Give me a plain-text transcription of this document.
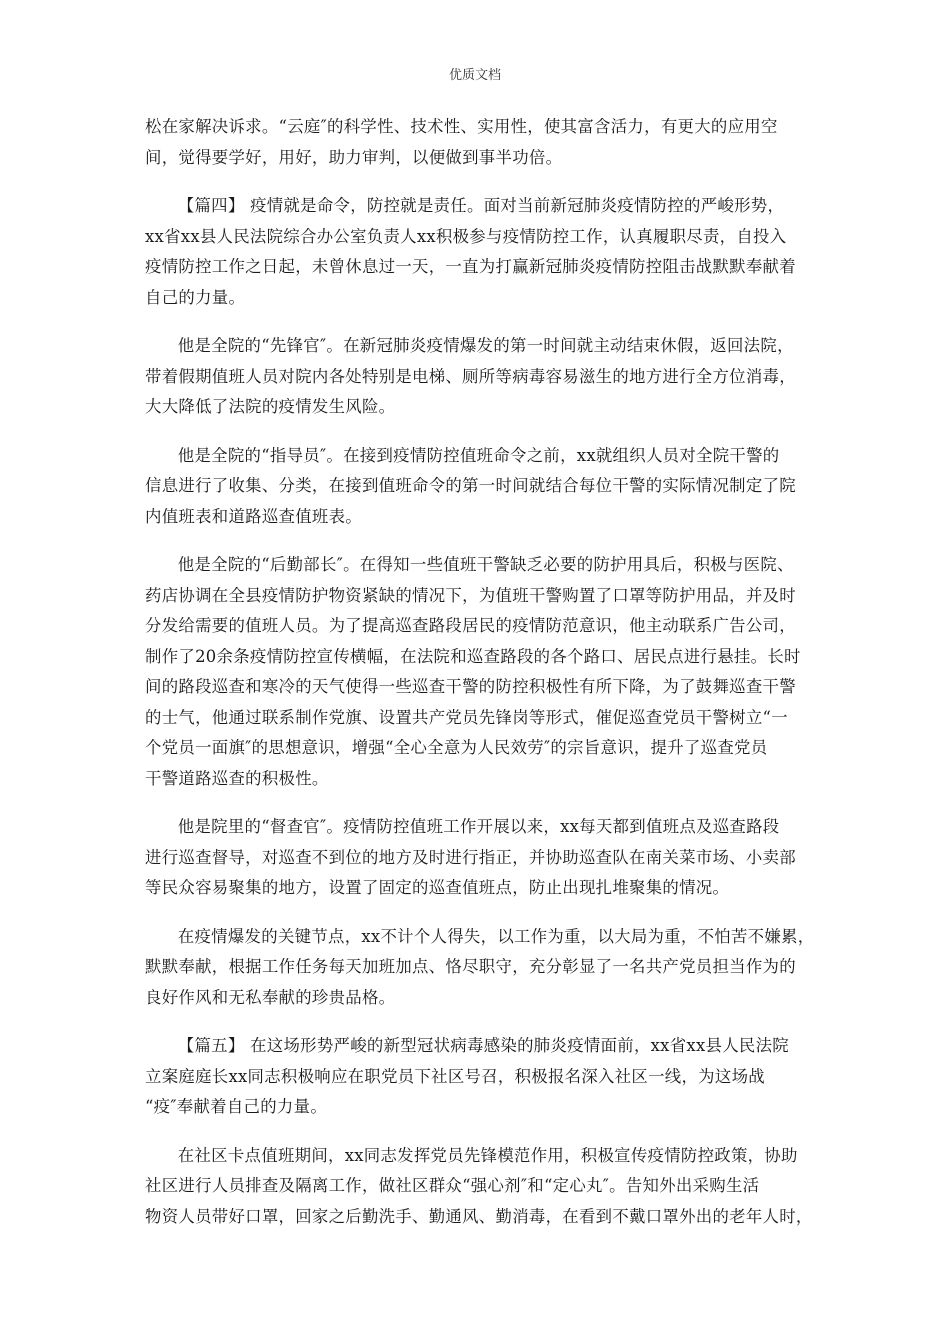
优质文档

松在家解决诉求。“云庭″的科学性、技术性、实用性，使其富含活力，有更大的应用空
间，觉得要学好，用好，助力审判，以便做到事半功倍。

【篇四】 疫情就是命令，防控就是责任。面对当前新冠肺炎疫情防控的严峻形势，
xx省xx县人民法院综合办公室负责人xx积极参与疫情防控工作，认真履职尽责，自投入
疫情防控工作之日起，未曾休息过一天，一直为打赢新冠肺炎疫情防控阻击战默默奉献着
自己的力量。

他是全院的“先锋官″。在新冠肺炎疫情爆发的第一时间就主动结束休假，返回法院，
带着假期值班人员对院内各处特别是电梯、厕所等病毒容易滋生的地方进行全方位消毒，
大大降低了法院的疫情发生风险。

他是全院的“指导员″。在接到疫情防控值班命令之前，xx就组织人员对全院干警的
信息进行了收集、分类，在接到值班命令的第一时间就结合每位干警的实际情况制定了院
内值班表和道路巡查值班表。

他是全院的“后勤部长″。在得知一些值班干警缺乏必要的防护用具后，积极与医院、
药店协调在全县疫情防护物资紧缺的情况下，为值班干警购置了口罩等防护用品，并及时
分发给需要的值班人员。为了提高巡查路段居民的疫情防范意识，他主动联系广告公司，
制作了20余条疫情防控宣传横幅，在法院和巡查路段的各个路口、居民点进行悬挂。长时
间的路段巡查和寒冷的天气使得一些巡查干警的防控积极性有所下降，为了鼓舞巡查干警
的士气，他通过联系制作党旗、设置共产党员先锋岗等形式，催促巡查党员干警树立“一
个党员一面旗″的思想意识，增强“全心全意为人民效劳″的宗旨意识，提升了巡查党员
干警道路巡查的积极性。

他是院里的“督查官″。疫情防控值班工作开展以来，xx每天都到值班点及巡查路段
进行巡查督导，对巡查不到位的地方及时进行指正，并协助巡查队在南关菜市场、小卖部
等民众容易聚集的地方，设置了固定的巡查值班点，防止出现扎堆聚集的情况。

在疫情爆发的关键节点，xx不计个人得失，以工作为重，以大局为重，不怕苦不嫌累，
默默奉献，根据工作任务每天加班加点、恪尽职守，充分彰显了一名共产党员担当作为的
良好作风和无私奉献的珍贵品格。

【篇五】 在这场形势严峻的新型冠状病毒感染的肺炎疫情面前，xx省xx县人民法院
立案庭庭长xx同志积极响应在职党员下社区号召，积极报名深入社区一线，为这场战
“疫″奉献着自己的力量。

在社区卡点值班期间，xx同志发挥党员先锋模范作用，积极宣传疫情防控政策，协助
社区进行人员排查及隔离工作，做社区群众“强心剂″和“定心丸″。告知外出采购生活
物资人员带好口罩，回家之后勤洗手、勤通风、勤消毒，在看到不戴口罩外出的老年人时，
